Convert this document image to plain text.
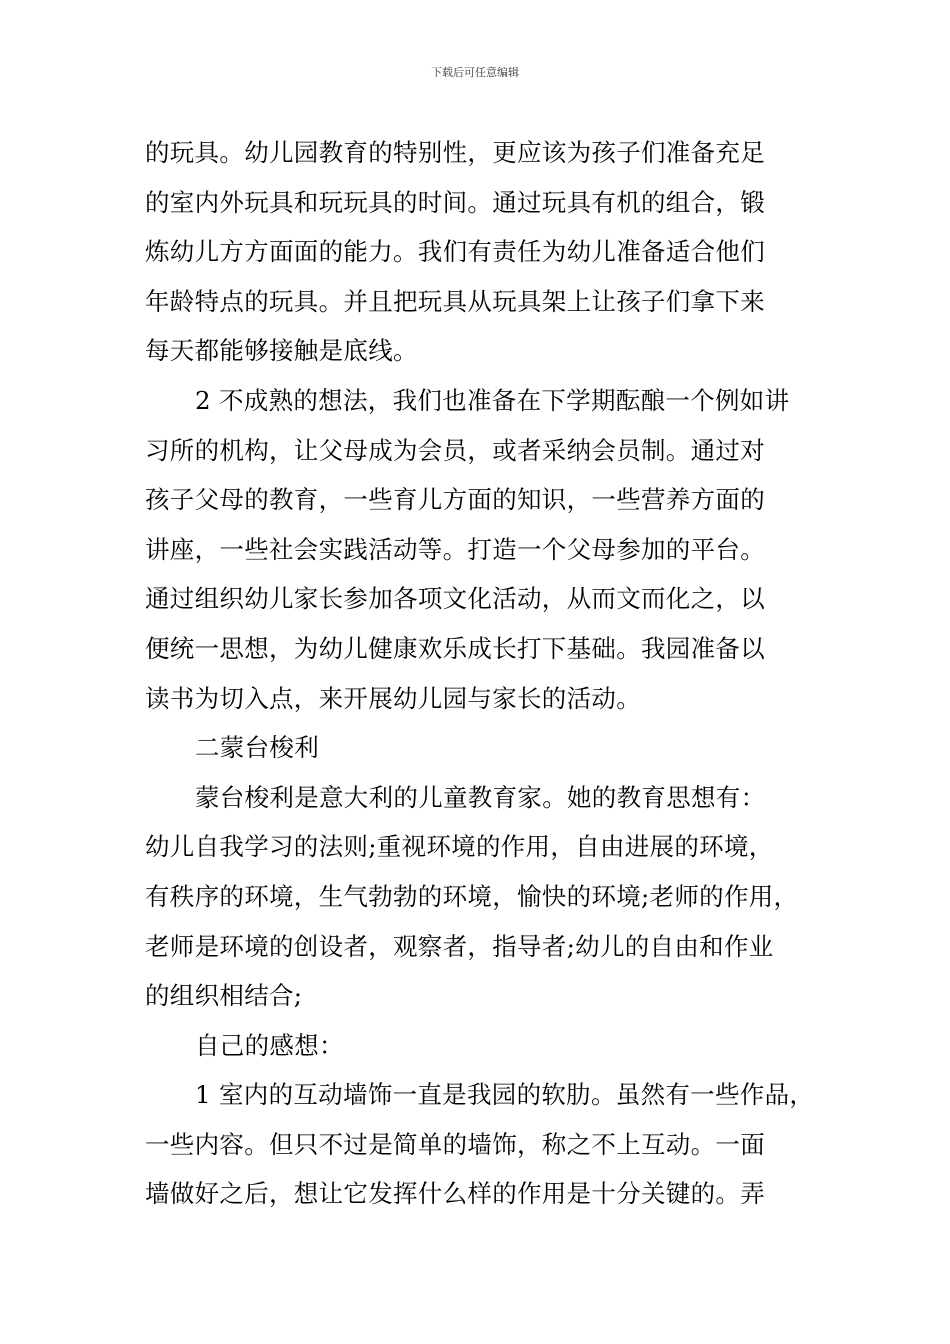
下载后可任意编辑

的玩具。幼儿园教育的特别性，更应该为孩子们准备充足
的室内外玩具和玩玩具的时间。通过玩具有机的组合，锻
炼幼儿方方面面的能力。我们有责任为幼儿准备适合他们
年龄特点的玩具。并且把玩具从玩具架上让孩子们拿下来
每天都能够接触是底线。

2 不成熟的想法，我们也准备在下学期酝酿一个例如讲
习所的机构，让父母成为会员，或者采纳会员制。通过对
孩子父母的教育，一些育儿方面的知识，一些营养方面的
讲座，一些社会实践活动等。打造一个父母参加的平台。
通过组织幼儿家长参加各项文化活动，从而文而化之，以
便统一思想，为幼儿健康欢乐成长打下基础。我园准备以
读书为切入点，来开展幼儿园与家长的活动。

二蒙台梭利

蒙台梭利是意大利的儿童教育家。她的教育思想有：
幼儿自我学习的法则;重视环境的作用，自由进展的环境，
有秩序的环境，生气勃勃的环境，愉快的环境;老师的作用，
老师是环境的创设者，观察者，指导者;幼儿的自由和作业
的组织相结合;

自己的感想：

1 室内的互动墙饰一直是我园的软肋。虽然有一些作品，
一些内容。但只不过是简单的墙饰，称之不上互动。一面
墙做好之后，想让它发挥什么样的作用是十分关键的。弄
